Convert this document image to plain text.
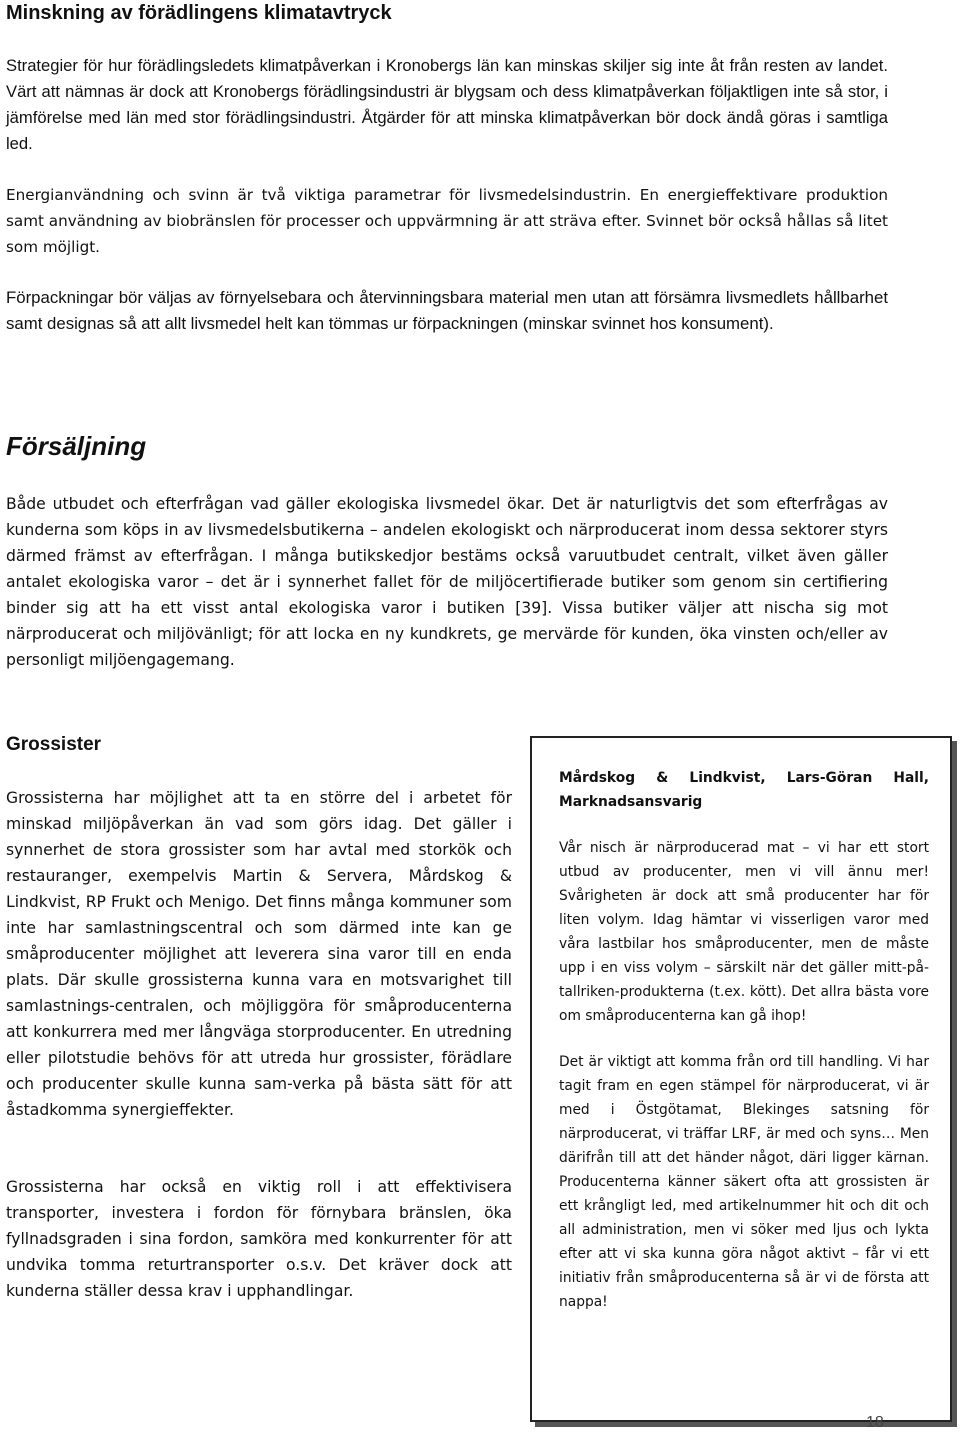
Minskning av förädlingens klimatavtryck

Strategier för hur förädlingsledets klimatpåverkan i Kronobergs län kan minskas skiljer sig inte åt från resten av landet. Värt att nämnas är dock att Kronobergs förädlingsindustri är blygsam och dess klimatpåverkan följaktligen inte så stor, i jämförelse med län med stor förädlingsindustri. Åtgärder för att minska klimatpåverkan bör dock ändå göras i samtliga led.

Energianvändning och svinn är två viktiga parametrar för livsmedelsindustrin. En energieffektivare produktion samt användning av biobränslen för processer och uppvärmning är att sträva efter. Svinnet bör också hållas så litet som möjligt.

Förpackningar bör väljas av förnyelsebara och återvinningsbara material men utan att försämra livsmedlets hållbarhet samt designas så att allt livsmedel helt kan tömmas ur förpackningen (minskar svinnet hos konsument).

Försäljning

Både utbudet och efterfrågan vad gäller ekologiska livsmedel ökar. Det är naturligtvis det som efterfrågas av kunderna som köps in av livsmedelsbutikerna – andelen ekologiskt och närproducerat inom dessa sektorer styrs därmed främst av efterfrågan. I många butikskedjor bestäms också varuutbudet centralt, vilket även gäller antalet ekologiska varor – det är i synnerhet fallet för de miljöcertifierade butiker som genom sin certifiering binder sig att ha ett visst antal ekologiska varor i butiken [39]. Vissa butiker väljer att nischa sig mot närproducerat och miljövänligt; för att locka en ny kundkrets, ge mervärde för kunden, öka vinsten och/eller av personligt miljöengagemang.

Grossister

Grossisterna har möjlighet att ta en större del i arbetet för minskad miljöpåverkan än vad som görs idag. Det gäller i synnerhet de stora grossister som har avtal med storkök och restauranger, exempelvis Martin & Servera, Mårdskog & Lindkvist, RP Frukt och Menigo. Det finns många kommuner som inte har samlastningscentral och som därmed inte kan ge småproducenter möjlighet att leverera sina varor till en enda plats. Där skulle grossisterna kunna vara en motsvarighet till samlastnings-centralen, och möjliggöra för småproducenterna att konkurrera med mer långväga storproducenter. En utredning eller pilotstudie behövs för att utreda hur grossister, förädlare och producenter skulle kunna sam-verka på bästa sätt för att åstadkomma synergieffekter.

Grossisterna har också en viktig roll i att effektivisera transporter, investera i fordon för förnybara bränslen, öka fyllnadsgraden i sina fordon, samköra med konkurrenter för att undvika tomma returtransporter o.s.v. Det kräver dock att kunderna ställer dessa krav i upphandlingar.

Mårdskog & Lindkvist, Lars-Göran Hall, Marknadsansvarig

Vår nisch är närproducerad mat – vi har ett stort utbud av producenter, men vi vill ännu mer! Svårigheten är dock att små producenter har för liten volym. Idag hämtar vi visserligen varor med våra lastbilar hos småproducenter, men de måste upp i en viss volym – särskilt när det gäller mitt-på-tallriken-produkterna (t.ex. kött). Det allra bästa vore om småproducenterna kan gå ihop!

Det är viktigt att komma från ord till handling. Vi har tagit fram en egen stämpel för närproducerat, vi är med i Östgötamat, Blekinges satsning för närproducerat, vi träffar LRF, är med och syns… Men därifrån till att det händer något, däri ligger kärnan. Producenterna känner säkert ofta att grossisten är ett krångligt led, med artikelnummer hit och dit och all administration, men vi söker med ljus och lykta efter att vi ska kunna göra något aktivt – får vi ett initiativ från småproducenterna så är vi de första att nappa!

18
